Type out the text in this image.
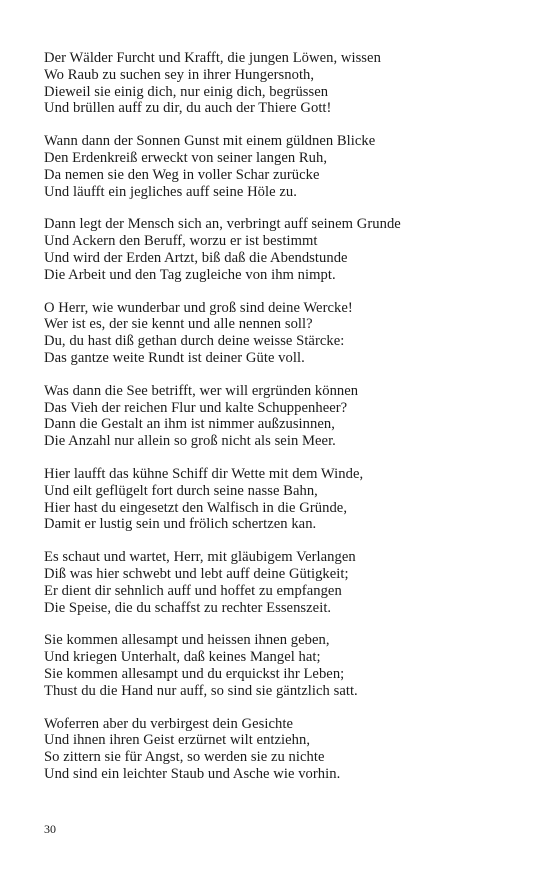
Der Wälder Furcht und Krafft, die jungen Löwen, wissen
Wo Raub zu suchen sey in ihrer Hungersnoth,
Dieweil sie einig dich, nur einig dich, begrüssen
Und brüllen auff zu dir, du auch der Thiere Gott!
Wann dann der Sonnen Gunst mit einem güldnen Blicke
Den Erdenkreiß erweckt von seiner langen Ruh,
Da nemen sie den Weg in voller Schar zurücke
Und läufft ein jegliches auff seine Höle zu.
Dann legt der Mensch sich an, verbringt auff seinem Grunde
Und Ackern den Beruff, worzu er ist bestimmt
Und wird der Erden Artzt, biß daß die Abendstunde
Die Arbeit und den Tag zugleiche von ihm nimpt.
O Herr, wie wunderbar und groß sind deine Wercke!
Wer ist es, der sie kennt und alle nennen soll?
Du, du hast diß gethan durch deine weisse Stärcke:
Das gantze weite Rundt ist deiner Güte voll.
Was dann die See betrifft, wer will ergründen können
Das Vieh der reichen Flur und kalte Schuppenheer?
Dann die Gestalt an ihm ist nimmer außzusinnen,
Die Anzahl nur allein so groß nicht als sein Meer.
Hier laufft das kühne Schiff dir Wette mit dem Winde,
Und eilt geflügelt fort durch seine nasse Bahn,
Hier hast du eingesetzt den Walfisch in die Gründe,
Damit er lustig sein und frölich schertzen kan.
Es schaut und wartet, Herr, mit gläubigem Verlangen
Diß was hier schwebt und lebt auff deine Gütigkeit;
Er dient dir sehnlich auff und hoffet zu empfangen
Die Speise, die du schaffst zu rechter Essenszeit.
Sie kommen allesampt und heissen ihnen geben,
Und kriegen Unterhalt, daß keines Mangel hat;
Sie kommen allesampt und du erquickst ihr Leben;
Thust du die Hand nur auff, so sind sie gäntzlich satt.
Woferren aber du verbirgest dein Gesichte
Und ihnen ihren Geist erzürnet wilt entziehn,
So zittern sie für Angst, so werden sie zu nichte
Und sind ein leichter Staub und Asche wie vorhin.
30
